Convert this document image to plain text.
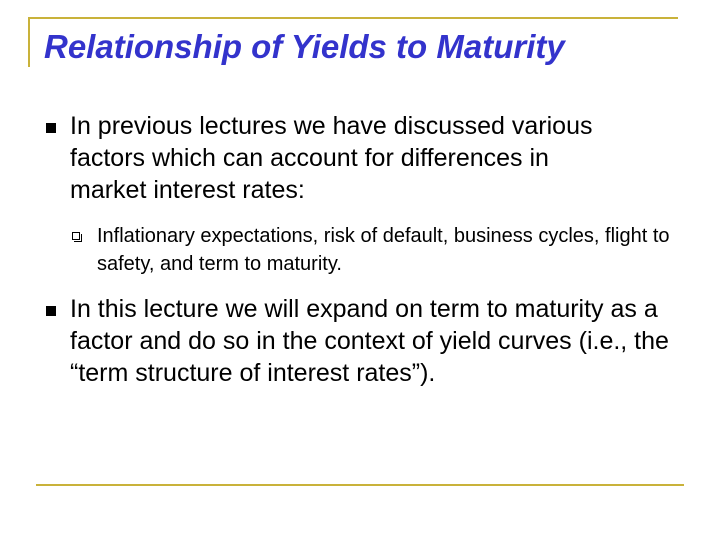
Relationship of Yields to Maturity

In previous lectures we have discussed various factors which can account for differences in market interest rates:

Inflationary expectations, risk of default, business cycles, flight to safety, and term to maturity.

In this lecture we will expand on term to maturity as a factor and do so in the context of yield curves (i.e., the “term structure of interest rates”).
